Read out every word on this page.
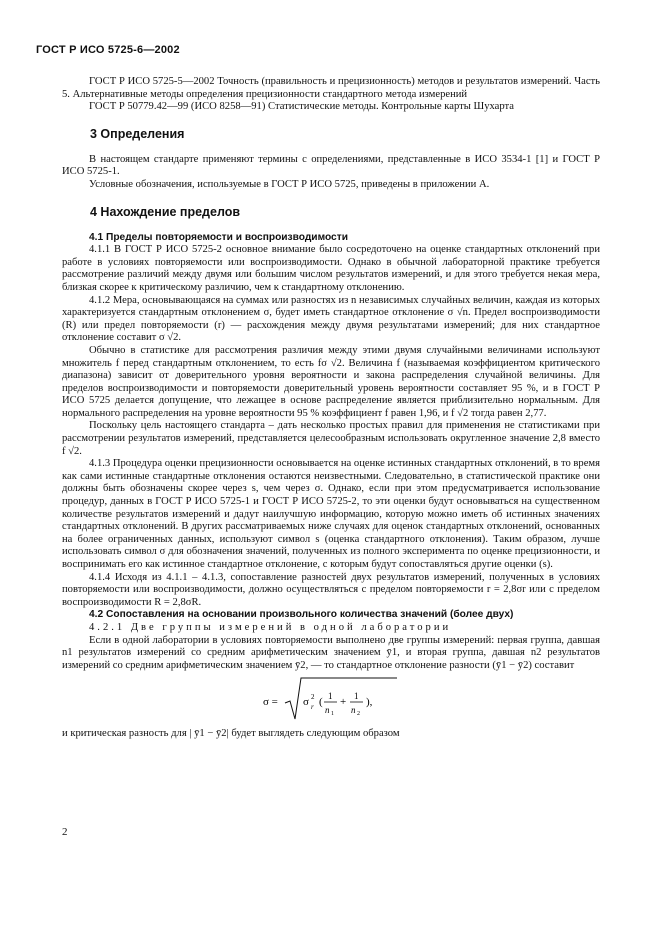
ГОСТ Р ИСО 5725-6—2002

ГОСТ Р ИСО 5725-5—2002 Точность (правильность и прецизионность) методов и результатов измерений. Часть 5. Альтернативные методы определения прецизионности стандартного метода измерений

ГОСТ Р 50779.42—99 (ИСО 8258—91) Статистические методы. Контрольные карты Шухарта

3 Определения

В настоящем стандарте применяют термины с определениями, представленные в ИСО 3534-1 [1] и ГОСТ Р ИСО 5725-1.

Условные обозначения, используемые в ГОСТ Р ИСО 5725, приведены в приложении А.

4 Нахождение пределов
4.1 Пределы повторяемости и воспроизводимости

4.1.1 В ГОСТ Р ИСО 5725-2 основное внимание было сосредоточено на оценке стандартных отклонений при работе в условиях повторяемости или воспроизводимости. Однако в обычной лабораторной практике требуется рассмотрение различий между двумя или большим числом результатов измерений, и для этого требуется некая мера, близкая скорее к критическому различию, чем к стандартному отклонению.

4.1.2 Мера, основывающаяся на суммах или разностях из n независимых случайных величин, каждая из которых характеризуется стандартным отклонением σ, будет иметь стандартное отклонение σ √n. Предел воспроизводимости (R) или предел повторяемости (r) — расхождения между двумя результатами измерений; для них стандартное отклонение составит σ √2.

Обычно в статистике для рассмотрения различия между этими двумя случайными величинами используют множитель f перед стандартным отклонением, то есть fσ √2. Величина f (называемая коэффициентом критического диапазона) зависит от доверительного уровня вероятности и закона распределения случайной величины. Для пределов воспроизводимости и повторяемости доверительный уровень вероятности составляет 95 %, и в ГОСТ Р ИСО 5725 делается допущение, что лежащее в основе распределение является приблизительно нормальным. Для нормального распределения на уровне вероятности 95 % коэффициент f равен 1,96, и f √2 тогда равен 2,77.

Поскольку цель настоящего стандарта – дать несколько простых правил для применения не статистиками при рассмотрении результатов измерений, представляется целесообразным использовать округленное значение 2,8 вместо f √2.

4.1.3 Процедура оценки прецизионности основывается на оценке истинных стандартных отклонений, в то время как сами истинные стандартные отклонения остаются неизвестными. Следовательно, в статистической практике они должны быть обозначены скорее через s, чем через σ. Однако, если при этом предусматривается использование процедур, данных в ГОСТ Р ИСО 5725-1 и ГОСТ Р ИСО 5725-2, то эти оценки будут основываться на существенном количестве результатов измерений и дадут наилучшую информацию, которую можно иметь об истинных значениях стандартных отклонений. В других рассматриваемых ниже случаях для оценок стандартных отклонений, основанных на более ограниченных данных, используют символ s (оценка стандартного отклонения). Таким образом, лучше использовать символ σ для обозначения значений, полученных из полного эксперимента по оценке прецизионности, и воспринимать его как истинное стандартное отклонение, с которым будут сопоставляться другие оценки (s).

4.1.4 Исходя из 4.1.1 – 4.1.3, сопоставление разностей двух результатов измерений, полученных в условиях повторяемости или воспроизводимости, должно осуществляться с пределом повторяемости r = 2,8σr или с пределом воспроизводимости R = 2,8σR.

4.2 Сопоставления на основании произвольного количества значений (более двух)

4.2.1 Две группы измерений в одной лаборатории

Если в одной лаборатории в условиях повторяемости выполнено две группы измерений: первая группа, давшая n1 результатов измерений со средним арифметическим значением ȳ1, и вторая группа, давшая n2 результатов измерений со средним арифметическим значением ȳ2, — то стандартное отклонение разности (ȳ1 − ȳ2) составит

σ = σ 2
r ( 1
n 1
+ 1
n 2
),

и критическая разность для | ȳ1 − ȳ2| будет выглядеть следующим образом

2
